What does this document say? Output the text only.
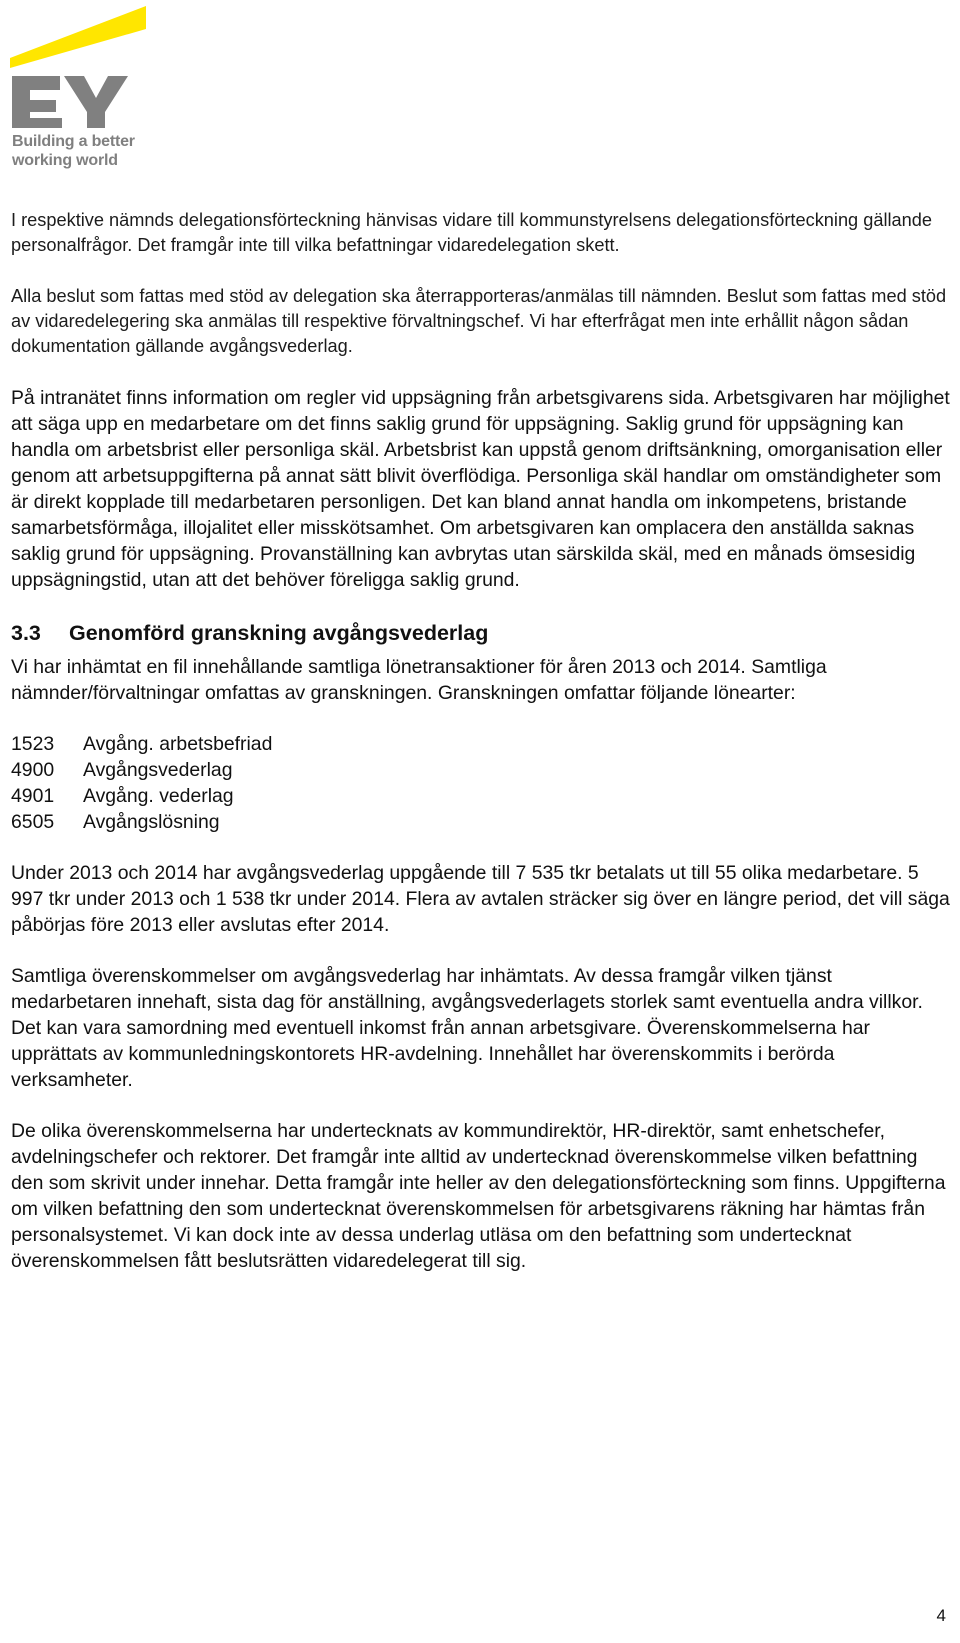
Building a better
working world

I respektive nämnds delegationsförteckning hänvisas vidare till kommunstyrelsens delegationsförteckning gällande personalfrågor. Det framgår inte till vilka befattningar vidaredelegation skett.

Alla beslut som fattas med stöd av delegation ska återrapporteras/anmälas till nämnden. Beslut som fattas med stöd av vidaredelegering ska anmälas till respektive förvaltningschef. Vi har efterfrågat men inte erhållit någon sådan dokumentation gällande avgångsvederlag.

På intranätet finns information om regler vid uppsägning från arbetsgivarens sida. Arbetsgivaren har möjlighet att säga upp en medarbetare om det finns saklig grund för uppsägning. Saklig grund för uppsägning kan handla om arbetsbrist eller personliga skäl. Arbetsbrist kan uppstå genom driftsänkning, omorganisation eller genom att arbetsuppgifterna på annat sätt blivit överflödiga. Personliga skäl handlar om omständigheter som är direkt kopplade till medarbetaren personligen. Det kan bland annat handla om inkompetens, bristande samarbetsförmåga, illojalitet eller misskötsamhet. Om arbetsgivaren kan omplacera den anställda saknas saklig grund för uppsägning. Provanställning kan avbrytas utan särskilda skäl, med en månads ömsesidig uppsägningstid, utan att det behöver föreligga saklig grund.

3.3 Genomförd granskning avgångsvederlag

Vi har inhämtat en fil innehållande samtliga lönetransaktioner för åren 2013 och 2014. Samtliga nämnder/förvaltningar omfattas av granskningen. Granskningen omfattar följande lönearter:

1523	Avgång. arbetsbefriad
4900	Avgångsvederlag
4901	Avgång. vederlag
6505	Avgångslösning

Under 2013 och 2014 har avgångsvederlag uppgående till 7 535 tkr betalats ut till 55 olika medarbetare. 5 997 tkr under 2013 och 1 538 tkr under 2014. Flera av avtalen sträcker sig över en längre period, det vill säga påbörjas före 2013 eller avslutas efter 2014.

Samtliga överenskommelser om avgångsvederlag har inhämtats. Av dessa framgår vilken tjänst medarbetaren innehaft, sista dag för anställning, avgångsvederlagets storlek samt eventuella andra villkor. Det kan vara samordning med eventuell inkomst från annan arbetsgivare. Överenskommelserna har upprättats av kommunledningskontorets HR-avdelning. Innehållet har överenskommits i berörda verksamheter.

De olika överenskommelserna har undertecknats av kommundirektör, HR-direktör, samt enhetschefer, avdelningschefer och rektorer. Det framgår inte alltid av undertecknad överenskommelse vilken befattning den som skrivit under innehar. Detta framgår inte heller av den delegationsförteckning som finns. Uppgifterna om vilken befattning den som undertecknat överenskommelsen för arbetsgivarens räkning har hämtas från personalsystemet. Vi kan dock inte av dessa underlag utläsa om den befattning som undertecknat överenskommelsen fått beslutsrätten vidaredelegerat till sig.

4
